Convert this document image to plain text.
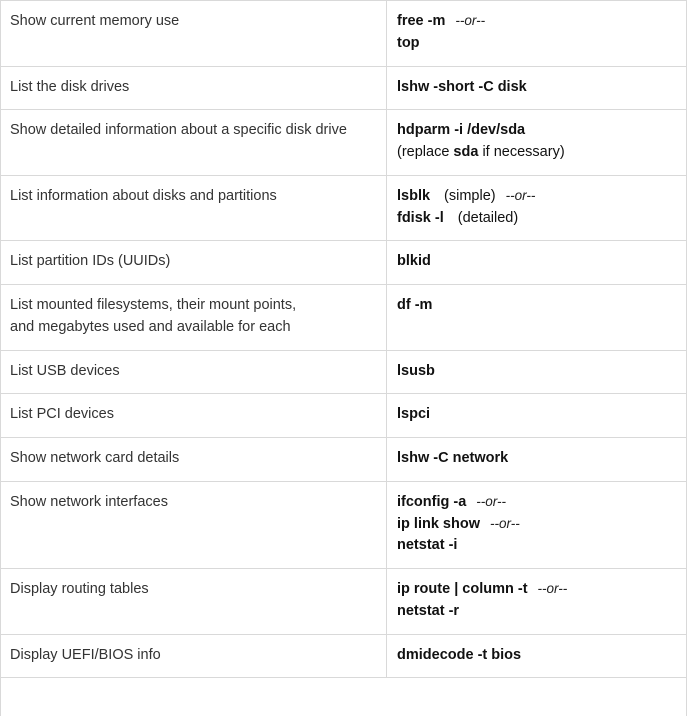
Show current memory use	free -m --or--
top

List the disk drives	lshw -short -C disk

Show detailed information about a specific disk drive	hdparm -i /dev/sda
(replace sda if necessary)

List information about disks and partitions	lsblk (simple) --or--
fdisk -l (detailed)

List partition IDs (UUIDs)	blkid

List mounted filesystems, their mount points,
and megabytes used and available for each	df -m

List USB devices	lsusb

List PCI devices	lspci

Show network card details	lshw -C network

Show network interfaces	ifconfig -a --or--
ip link show --or--
netstat -i

Display routing tables	ip route | column -t --or--
netstat -r

Display UEFI/BIOS info	dmidecode -t bios
